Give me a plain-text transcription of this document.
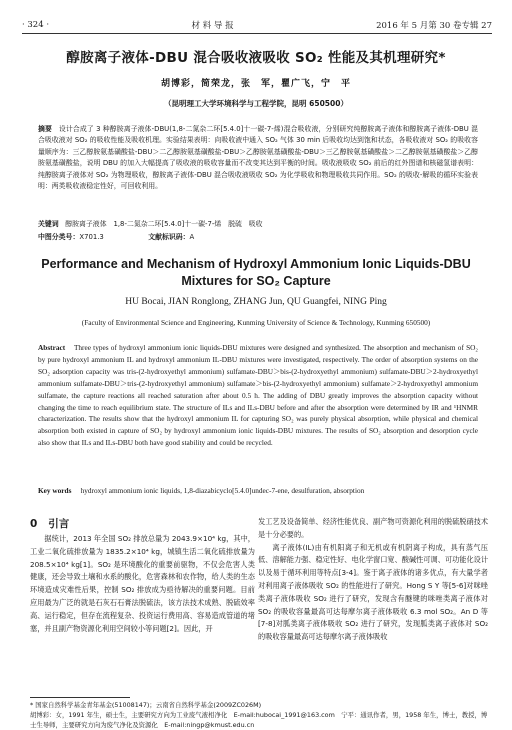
· 324 ·	材 料 导 报	2016 年 5 月第 30 卷专辑 27
醇胺离子液体-DBU 混合吸收液吸收 SO₂ 性能及其机理研究*
胡博彩，简荣龙，张　军，瞿广飞，宁　平
（昆明理工大学环境科学与工程学院，昆明 650500）
摘要 设计合成了 3 种醇胺离子液体-DBU(1,8-二氮杂二环[5.4.0]十一碳-7-烯)混合吸收液，分别研究纯醇胺离子液体和醇胺离子液体-DBU 混合吸收液对 SO₂ 的吸收性能及吸收机理。实验结果表明：向吸收液中通入 SO₂ 气体 30 min 后吸收均达到饱和状态，各吸收液对 SO₂ 的吸收容量顺序为：三乙醇胺氨基磺酸盐-DBU＞二乙醇胺氨基磺酸盐-DBU＞乙醇胺氨基磺酸盐-DBU＞三乙醇胺氨基磺酸盐＞二乙醇胺氨基磺酸盐＞乙醇胺氨基磺酸盐，说明 DBU 的加入大幅提高了吸收液的吸收容量而不改变其达到平衡的时间。吸收液吸收 SO₂ 前后的红外图谱和核磁氢谱表明：纯醇胺离子液体对 SO₂ 为物理吸收，醇胺离子液体-DBU 混合吸收液吸收 SO₂ 为化学吸收和物理吸收共同作用。SO₂ 的吸收-解吸的循环实验表明：两类吸收液稳定性好，可回收利用。
关键词 醇胺离子液体　1,8-二氮杂二环[5.4.0]十一碳-7-烯　脱硫　吸收
中图分类号：X701.3	文献标识码：A
Performance and Mechanism of Hydroxyl Ammonium Ionic Liquids-DBU Mixtures for SO₂ Capture
HU Bocai, JIAN Ronglong, ZHANG Jun, QU Guangfei, NING Ping
(Faculty of Environmental Science and Engineering, Kunming University of Science & Technology, Kunming 650500)
Abstract Three types of hydroxyl ammonium ionic liquids-DBU mixtures were designed and synthesized. The absorption and mechanism of SO₂ by pure hydroxyl ammonium IL and hydroxyl ammonium IL-DBU mixtures were investigated, respectively. The order of absorption systems on the SO₂ adsorption capacity was tris-(2-hydroxyethyl ammonium) sulfamate-DBU＞bis-(2-hydroxyethyl ammonium) sulfamate-DBU＞2-hydroxyethyl ammonium sulfamate-DBU＞tris-(2-hydroxyethyl ammonium) sulfamate＞bis-(2-hydroxyethyl ammonium) sulfamate＞2-hydroxyethyl ammonium sulfamate, the capture reactions all reached saturation after about 0.5 h. The adding of DBU greatly improves the absorption capacity without changing the time to reach equilibrium state. The structure of ILs and ILs-DBU before and after the absorption were determined by IR and ¹HNMR characterization. The results show that the hydroxyl ammonium IL for capturing SO₂ was purely physical absorption, while physical and chemical absorption both existed in capture of SO₂ by hydroxyl ammonium ionic liquids-DBU mixtures. The results of SO₂ absorption and desorption cycle also show that ILs and ILs-DBU both have good stability and could be recycled.
Key words hydroxyl ammonium ionic liquids, 1,8-diazabicyclo[5.4.0]undec-7-ene, desulfuration, absorption
0 引言

据统计，2013 年全国 SO₂ 排放总量为 2043.9×10⁴ kg，其中，工业二氧化硫排放量为 1835.2×10⁴ kg，城镇生活二氧化硫排放量为 208.5×10⁴ kg[1]。SO₂ 是环境酸化的重要前驱物，不仅会危害人类健康，还会导致土壤和水系的酸化，危害森林和农作物，给人类的生态环境造成灾难性后果，控制 SO₂ 排放成为亟待解决的重要问题。目前应用最为广泛的就是石灰石石膏法脱硫法，该方法技术成熟、脱硫效率高、运行稳定，但存在流程复杂、投资运行费用高、容易造成管道的堵塞，并且副产物资源化利用空间较小等问题[2]。因此，开

发工艺及设备简单、经济性能优良、副产物可资源化利用的脱硫脱硝技术是十分必要的。

离子液体(IL)由有机阳离子和无机或有机阴离子构成，具有蒸气压低、溶解能力强、稳定性好、电化学窗口宽、酸碱性可调、可功能化设计以及易于循环利用等特点[3-4]。鉴于离子液体的诸多优点，有大量学者对利用离子液体吸收 SO₂ 的性能进行了研究。Hong S Y 等[5-6]对咪唑类离子液体吸收 SO₂ 进行了研究，发现含有醚键的咪唑类离子液体对 SO₂ 的吸收容量最高可达每摩尔离子液体吸收 6.3 mol SO₂。An D 等[7-8]对胍类离子液体吸收 SO₂ 进行了研究，发现胍类离子液体对 SO₂ 的吸收容量最高可达每摩尔离子液体吸收

* 国家自然科学基金青年基金(51008147)；云南省自然科学基金(2009ZC026M)
胡博彩：女，1991 年生，硕士生，主要研究方向为工业废气液相净化　E-mail:hubocai_1991@163.com　宁平：通讯作者，男，1958 年生，博士，教授，博士生导师，主要研究方向为废气净化及资源化　E-mail:ningp@kmust.edu.cn
